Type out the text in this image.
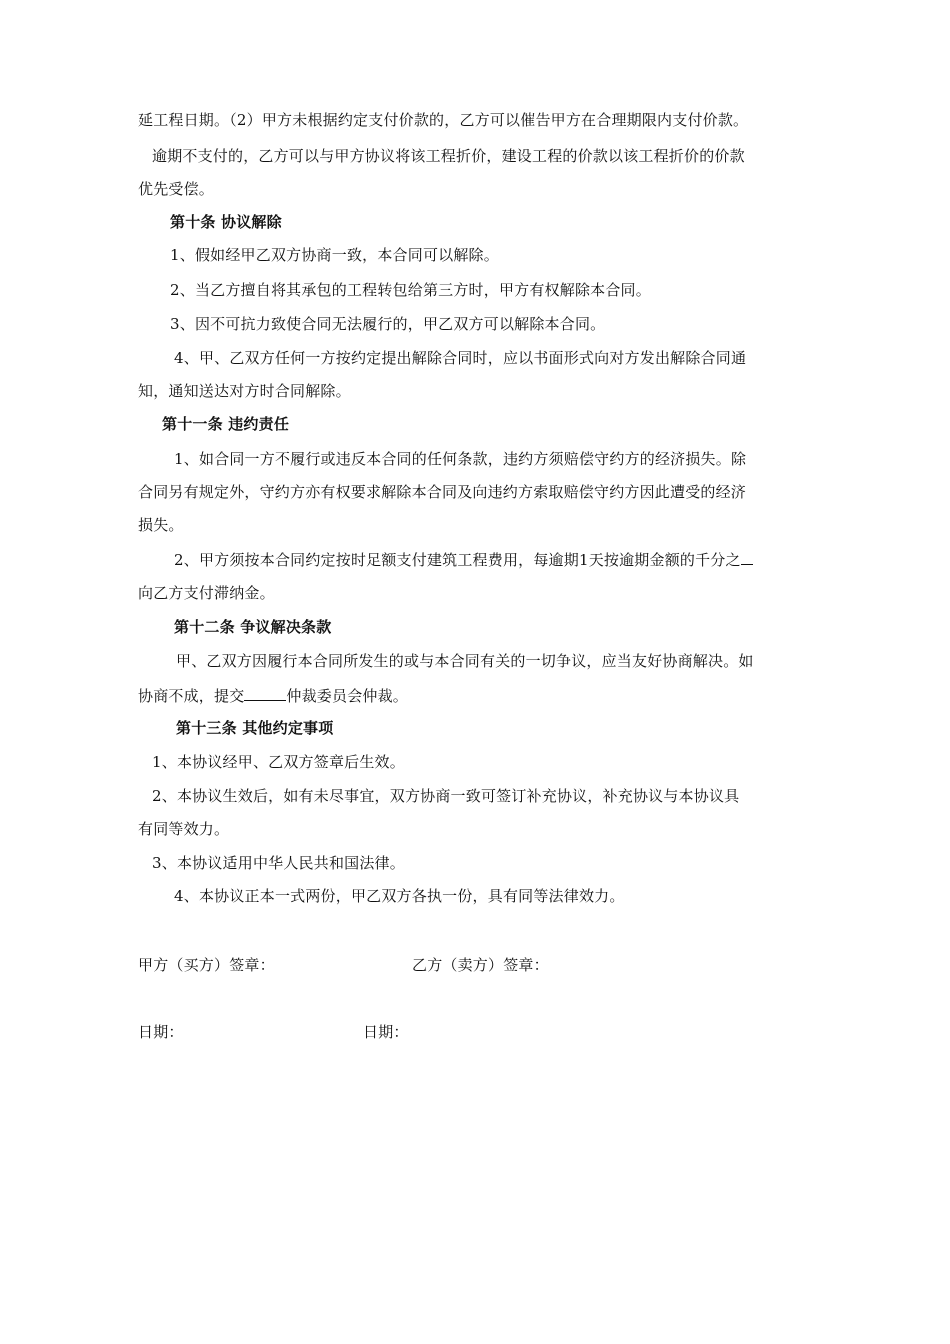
延工程日期。（2）甲方未根据约定支付价款的，乙方可以催告甲方在合理期限内支付价款。
逾期不支付的，乙方可以与甲方协议将该工程折价，建设工程的价款以该工程折价的价款
优先受偿。
第十条 协议解除
1、假如经甲乙双方协商一致，本合同可以解除。
2、当乙方擅自将其承包的工程转包给第三方时，甲方有权解除本合同。
3、因不可抗力致使合同无法履行的，甲乙双方可以解除本合同。
4、甲、乙双方任何一方按约定提出解除合同时，应以书面形式向对方发出解除合同通
知，通知送达对方时合同解除。
第十一条 违约责任
1、如合同一方不履行或违反本合同的任何条款，违约方须赔偿守约方的经济损失。除
合同另有规定外，守约方亦有权要求解除本合同及向违约方索取赔偿守约方因此遭受的经济
损失。
2、甲方须按本合同约定按时足额支付建筑工程费用，每逾期1天按逾期金额的千分之
向乙方支付滞纳金。
第十二条 争议解决条款
甲、乙双方因履行本合同所发生的或与本合同有关的一切争议，应当友好协商解决。如
协商不成，提交	仲裁委员会仲裁。
第十三条 其他约定事项
1、本协议经甲、乙双方签章后生效。
2、本协议生效后，如有未尽事宜，双方协商一致可签订补充协议，补充协议与本协议具
有同等效力。
3、本协议适用中华人民共和国法律。
4、本协议正本一式两份，甲乙双方各执一份，具有同等法律效力。
甲方（买方）签章：	乙方（卖方）签章：
日期：	日期：
